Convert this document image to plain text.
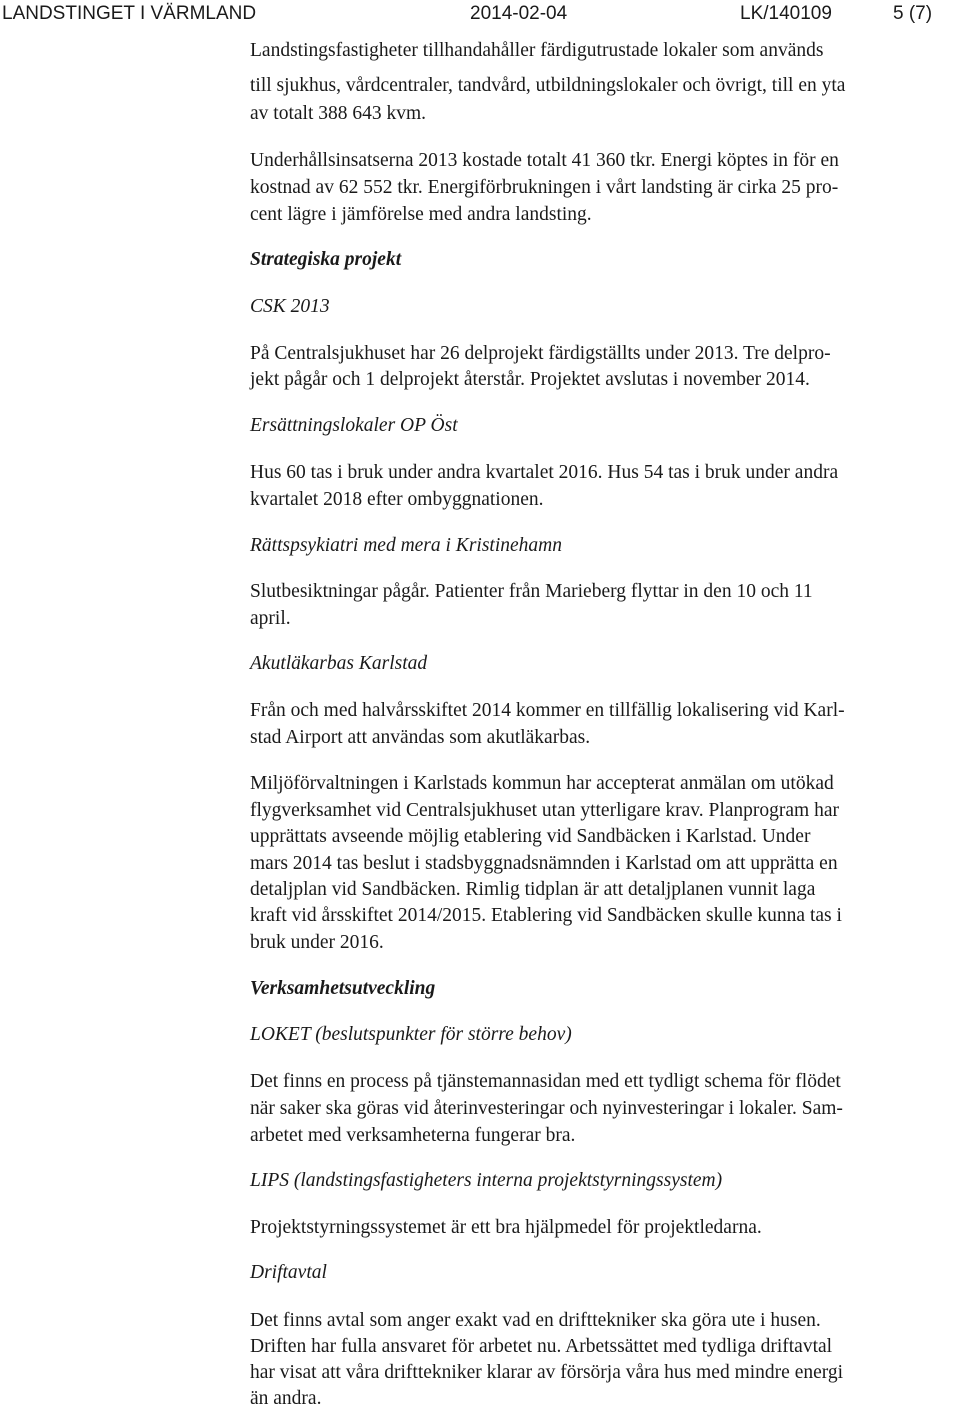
LANDSTINGET I VÄRMLAND	2014-02-04	LK/140109	5 (7)
Landstingsfastigheter tillhandahåller färdigutrustade lokaler som används
till sjukhus, vårdcentraler, tandvård, utbildningslokaler och övrigt, till en yta
av totalt 388 643 kvm.
Underhållsinsatserna 2013 kostade totalt 41 360 tkr. Energi köptes in för en
kostnad av 62 552 tkr. Energiförbrukningen i vårt landsting är cirka 25 pro-
cent lägre i jämförelse med andra landsting.
Strategiska projekt
CSK 2013
På Centralsjukhuset har 26 delprojekt färdigställts under 2013. Tre delpro-
jekt pågår och 1 delprojekt återstår. Projektet avslutas i november 2014.
Ersättningslokaler OP Öst
Hus 60 tas i bruk under andra kvartalet 2016. Hus 54 tas i bruk under andra
kvartalet 2018 efter ombyggnationen.
Rättspsykiatri med mera i Kristinehamn
Slutbesiktningar pågår. Patienter från Marieberg flyttar in den 10 och 11
april.
Akutläkarbas Karlstad
Från och med halvårsskiftet 2014 kommer en tillfällig lokalisering vid Karl-
stad Airport att användas som akutläkarbas.
Miljöförvaltningen i Karlstads kommun har accepterat anmälan om utökad
flygverksamhet vid Centralsjukhuset utan ytterligare krav. Planprogram har
upprättats avseende möjlig etablering vid Sandbäcken i Karlstad. Under
mars 2014 tas beslut i stadsbyggnadsnämnden i Karlstad om att upprätta en
detaljplan vid Sandbäcken. Rimlig tidplan är att detaljplanen vunnit laga
kraft vid årsskiftet 2014/2015. Etablering vid Sandbäcken skulle kunna tas i
bruk under 2016.
Verksamhetsutveckling
LOKET (beslutspunkter för större behov)
Det finns en process på tjänstemannasidan med ett tydligt schema för flödet
när saker ska göras vid återinvesteringar och nyinvesteringar i lokaler. Sam-
arbetet med verksamheterna fungerar bra.
LIPS (landstingsfastigheters interna projektstyrningssystem)
Projektstyrningssystemet är ett bra hjälpmedel för projektledarna.
Driftavtal
Det finns avtal som anger exakt vad en drifttekniker ska göra ute i husen.
Driften har fulla ansvaret för arbetet nu. Arbetssättet med tydliga driftavtal
har visat att våra drifttekniker klarar av försörja våra hus med mindre energi
än andra.
